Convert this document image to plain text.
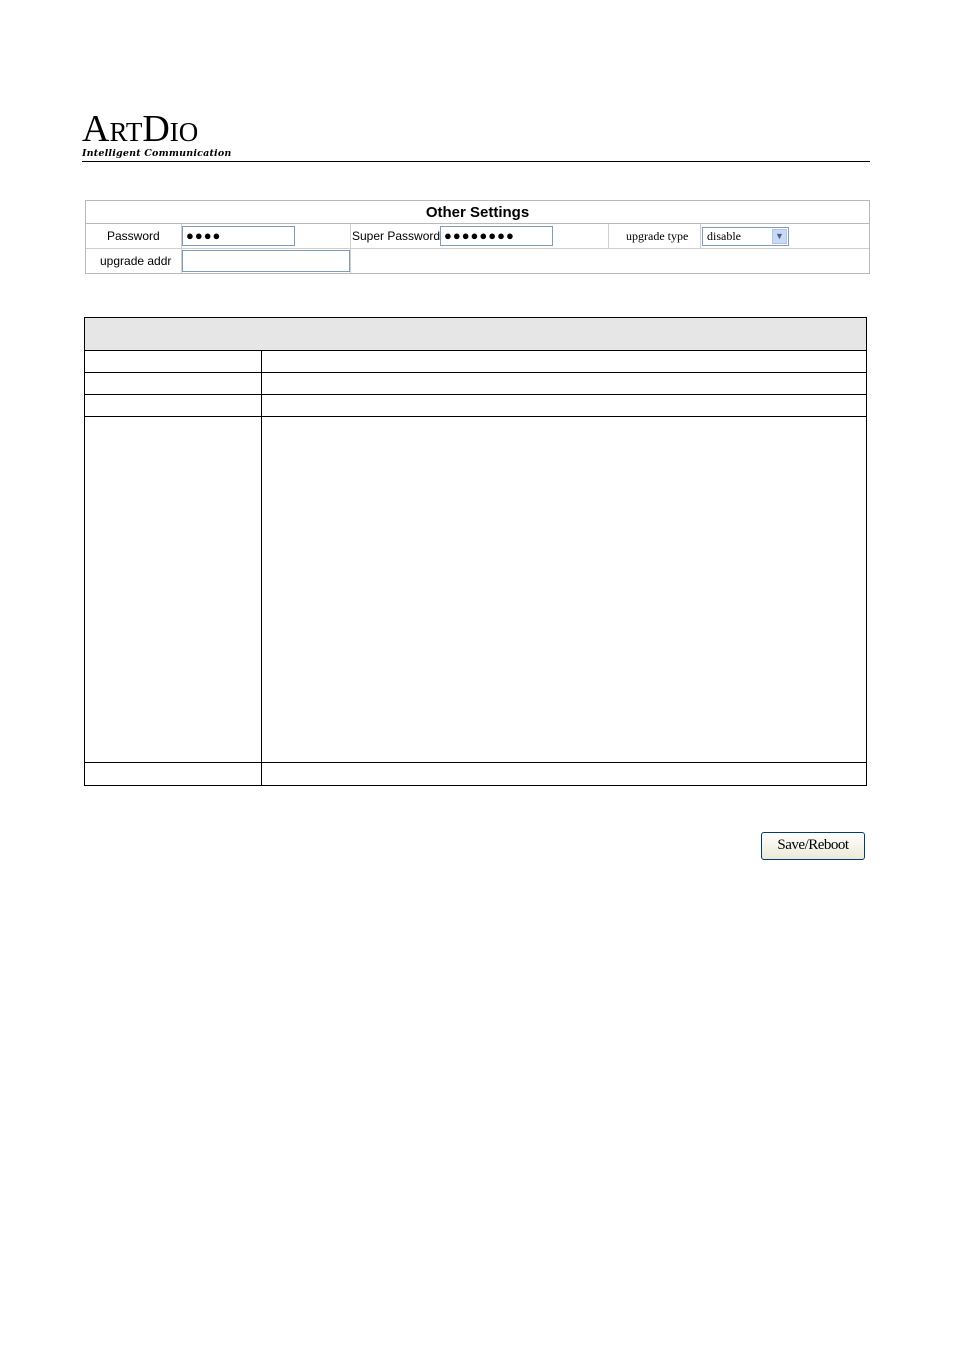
ArtDio
Intelligent Communication
Other Settings
Password	●●●●	Super Password ●●●●●●●●	upgrade type disable	▼
upgrade addr
Save/Reboot
